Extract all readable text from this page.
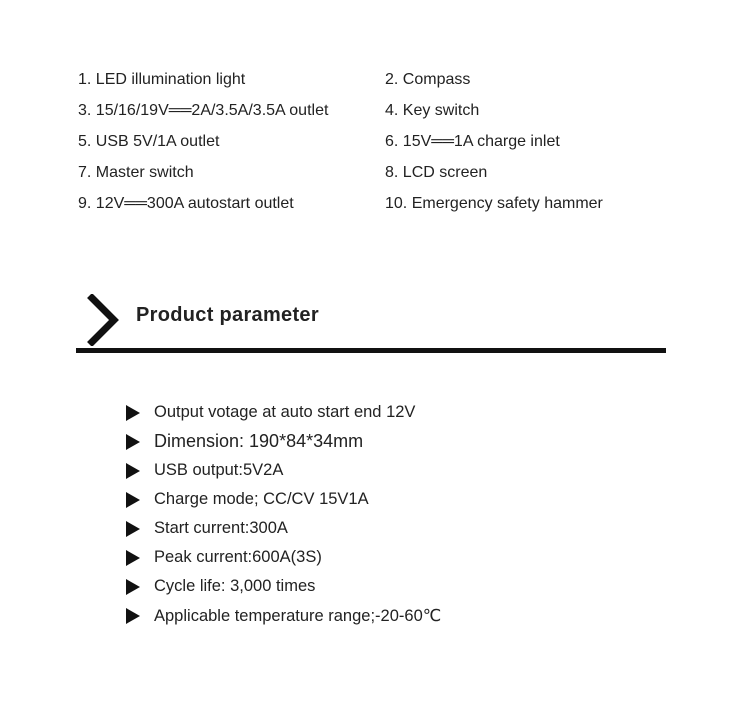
1. LED illumination light	2. Compass
3. 15/16/19V══2A/3.5A/3.5A outlet	4. Key switch
5. USB 5V/1A outlet	6. 15V══1A charge inlet
7. Master switch	8. LCD screen
9. 12V══300A autostart outlet	10. Emergency safety hammer
Product parameter
Output votage at auto start end 12V
Dimension: 190*84*34mm
USB output:5V2A
Charge mode; CC/CV 15V1A
Start current:300A
Peak current:600A(3S)
Cycle life: 3,000 times
Applicable temperature range;-20-60℃
